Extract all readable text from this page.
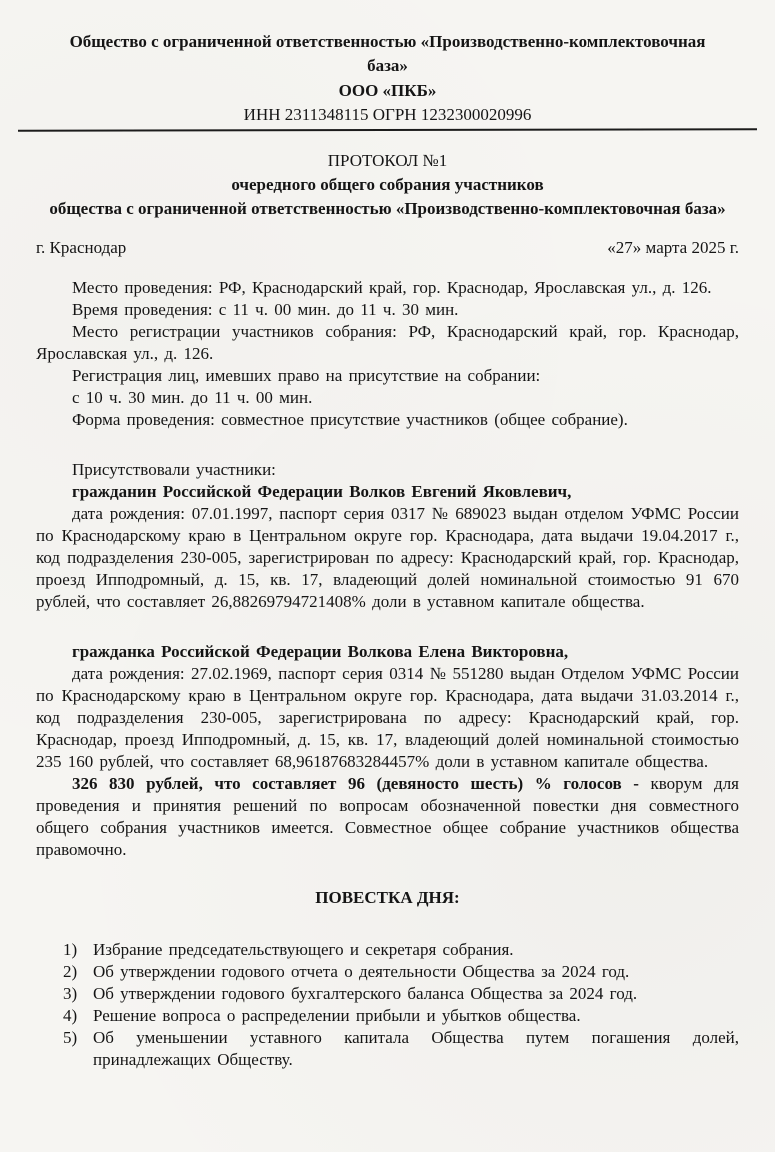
Общество с ограниченной ответственностью «Производственно-комплектовочная база»
ООО «ПКБ»
ИНН 2311348115 ОГРН 1232300020996
ПРОТОКОЛ №1
очередного общего собрания участников
общества с ограниченной ответственностью «Производственно-комплектовочная база»
г. Краснодар	«27» марта 2025 г.

Место проведения: РФ, Краснодарский край, гор. Краснодар, Ярославская ул., д. 126.

Время проведения: с 11 ч. 00 мин. до 11 ч. 30 мин.

Место регистрации участников собрания: РФ, Краснодарский край, гор. Краснодар, Ярославская ул., д. 126.

Регистрация лиц, имевших право на присутствие на собрании:

с 10 ч. 30 мин. до 11 ч. 00 мин.

Форма проведения: совместное присутствие участников (общее собрание).

Присутствовали участники:

гражданин Российской Федерации Волков Евгений Яковлевич,

дата рождения: 07.01.1997, паспорт серия 0317 № 689023 выдан отделом УФМС России по Краснодарскому краю в Центральном округе гор. Краснодара, дата выдачи 19.04.2017 г., код подразделения 230-005, зарегистрирован по адресу: Краснодарский край, гор. Краснодар, проезд Ипподромный, д. 15, кв. 17, владеющий долей номинальной стоимостью 91 670 рублей, что составляет 26,88269794721408% доли в уставном капитале общества.

гражданка Российской Федерации Волкова Елена Викторовна,

дата рождения: 27.02.1969, паспорт серия 0314 № 551280 выдан Отделом УФМС России по Краснодарскому краю в Центральном округе гор. Краснодара, дата выдачи 31.03.2014 г., код подразделения 230-005, зарегистрирована по адресу: Краснодарский край, гор. Краснодар, проезд Ипподромный, д. 15, кв. 17, владеющий долей номинальной стоимостью 235 160 рублей, что составляет 68,96187683284457% доли в уставном капитале общества.

326 830 рублей, что составляет 96 (девяносто шесть) % голосов - кворум для проведения и принятия решений по вопросам обозначенной повестки дня совместного общего собрания участников имеется. Совместное общее собрание участников общества правомочно.

ПОВЕСТКА ДНЯ:
Избрание председательствующего и секретаря собрания.
Об утверждении годового отчета о деятельности Общества за 2024 год.
Об утверждении годового бухгалтерского баланса Общества за 2024 год.
Решение вопроса о распределении прибыли и убытков общества.
Об уменьшении уставного капитала Общества путем погашения долей, принадлежащих Обществу.
